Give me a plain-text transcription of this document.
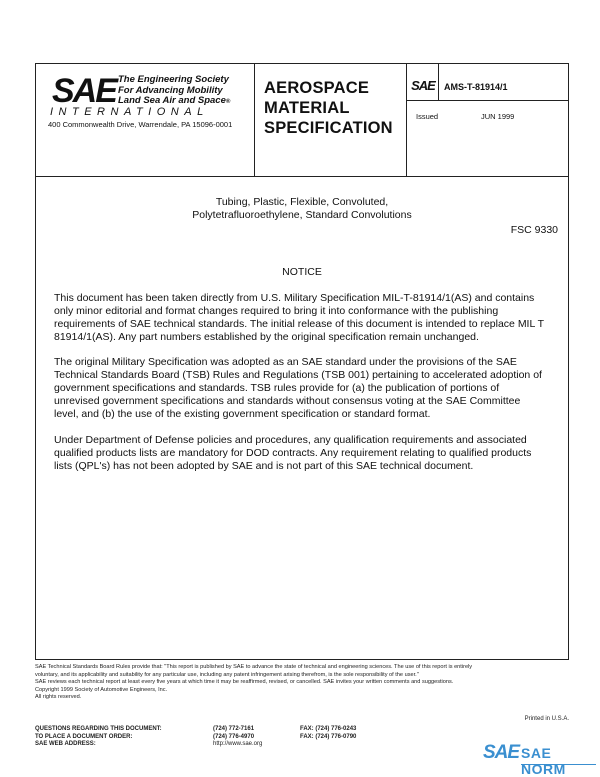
SAE The Engineering Society
For Advancing Mobility
Land Sea Air and Space®
INTERNATIONAL
400 Commonwealth Drive, Warrendale, PA 15096-0001
AEROSPACE
MATERIAL
SPECIFICATION
SAE	AMS-T-81914/1
Issued	JUN 1999
Tubing, Plastic, Flexible, Convoluted,
Polytetrafluoroethylene, Standard Convolutions
FSC 9330
NOTICE
This document has been taken directly from U.S. Military Specification MIL-T-81914/1(AS) and contains only minor editorial and format changes required to bring it into conformance with the publishing requirements of SAE technical standards. The initial release of this document is intended to replace MIL T 81914/1(AS). Any part numbers established by the original specification remain unchanged.
The original Military Specification was adopted as an SAE standard under the provisions of the SAE Technical Standards Board (TSB) Rules and Regulations (TSB 001) pertaining to accelerated adoption of government specifications and standards. TSB rules provide for (a) the publication of portions of unrevised government specifications and standards without consensus voting at the SAE Committee level, and (b) the use of the existing government specification or standard format.
Under Department of Defense policies and procedures, any qualification requirements and associated qualified products lists are mandatory for DOD contracts. Any requirement relating to qualified products lists (QPL's) has not been adopted by SAE and is not part of this SAE technical document.
SAE Technical Standards Board Rules provide that: "This report is published by SAE to advance the state of technical and engineering sciences. The use of this report is entirely
voluntary, and its applicability and suitability for any particular use, including any patent infringement arising therefrom, is the sole responsibility of the user."
SAE reviews each technical report at least every five years at which time it may be reaffirmed, revised, or cancelled. SAE invites your written comments and suggestions.
Copyright 1999 Society of Automotive Engineers, Inc.
All rights reserved.
Printed in U.S.A.
QUESTIONS REGARDING THIS DOCUMENT:	(724) 772-7161	FAX: (724) 776-0243
TO PLACE A DOCUMENT ORDER:	(724) 776-4970	FAX: (724) 776-0790
SAE WEB ADDRESS:	http://www.sae.org	SAE SAE NORM
